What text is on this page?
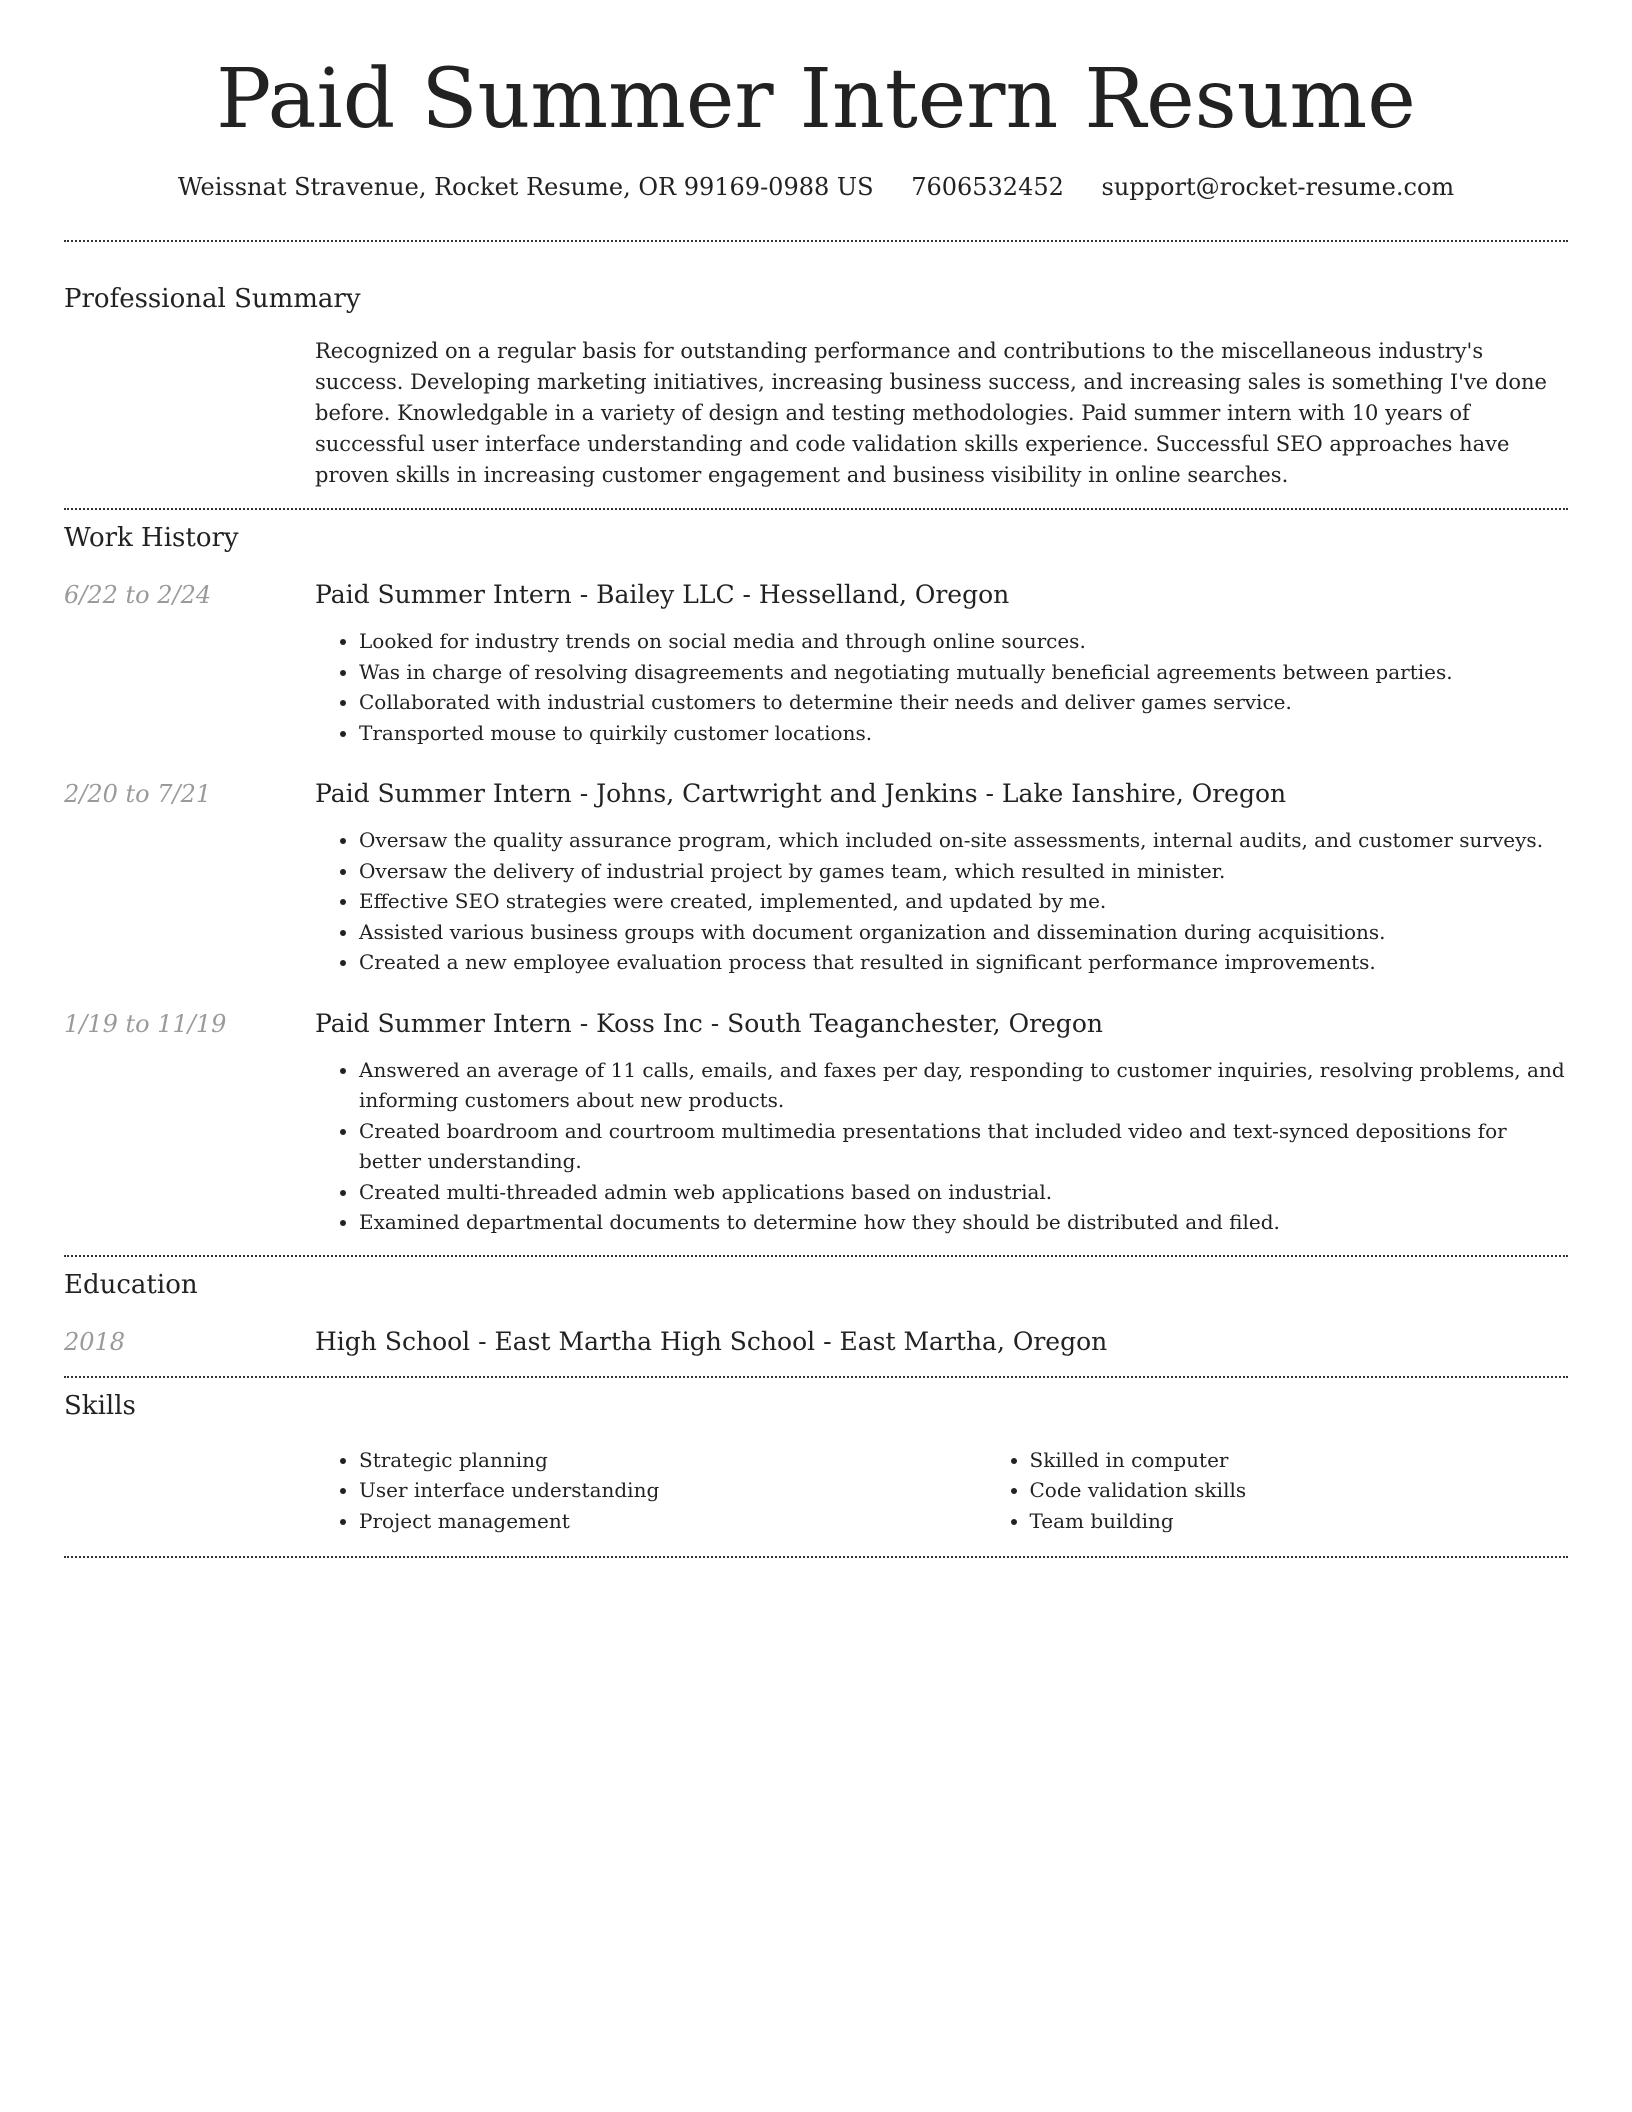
Paid Summer Intern Resume
Weissnat Stravenue, Rocket Resume, OR 99169-0988 US 7606532452 support@rocket-resume.com
Professional Summary

Recognized on a regular basis for outstanding performance and contributions to the miscellaneous industry's success. Developing marketing initiatives, increasing business success, and increasing sales is something I've done before. Knowledgable in a variety of design and testing methodologies. Paid summer intern with 10 years of successful user interface understanding and code validation skills experience. Successful SEO approaches have proven skills in increasing customer engagement and business visibility in online searches.

Work History
6/22 to 2/24	Paid Summer Intern - Bailey LLC - Hesselland, Oregon

• Looked for industry trends on social media and through online sources.
• Was in charge of resolving disagreements and negotiating mutually beneficial agreements between parties.
• Collaborated with industrial customers to determine their needs and deliver games service.
• Transported mouse to quirkily customer locations.
2/20 to 7/21	Paid Summer Intern - Johns, Cartwright and Jenkins - Lake Ianshire, Oregon

• Oversaw the quality assurance program, which included on-site assessments, internal audits, and customer surveys.
• Oversaw the delivery of industrial project by games team, which resulted in minister.
• Effective SEO strategies were created, implemented, and updated by me.
• Assisted various business groups with document organization and dissemination during acquisitions.
• Created a new employee evaluation process that resulted in significant performance improvements.
1/19 to 11/19	Paid Summer Intern - Koss Inc - South Teaganchester, Oregon

• Answered an average of 11 calls, emails, and faxes per day, responding to customer inquiries, resolving problems, and informing customers about new products.
• Created boardroom and courtroom multimedia presentations that included video and text-synced depositions for better understanding.
• Created multi-threaded admin web applications based on industrial.
• Examined departmental documents to determine how they should be distributed and filed.
Education
2018	High School - East Martha High School - East Martha, Oregon

Skills
• Strategic planning
• User interface understanding
• Project management
• Skilled in computer
• Code validation skills
• Team building
